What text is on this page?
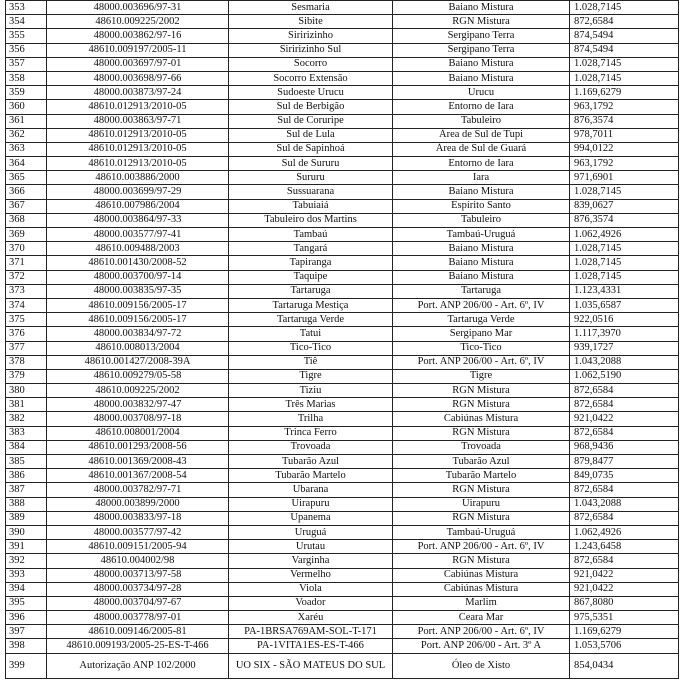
353	48000.003696/97-31	Sesmaria	Baiano Mistura	1.028,7145
354	48610.009225/2002	Sibite	RGN Mistura	872,6584
355	48000.003862/97-16	Siririzinho	Sergipano Terra	874,5494
356	48610.009197/2005-11	Siririzinho Sul	Sergipano Terra	874,5494
357	48000.003697/97-01	Socorro	Baiano Mistura	1.028,7145
358	48000.003698/97-66	Socorro Extensão	Baiano Mistura	1.028,7145
359	48000.003873/97-24	Sudoeste Urucu	Urucu	1.169,6279
360	48610.012913/2010-05	Sul de Berbigão	Entorno de Iara	963,1792
361	48000.003863/97-71	Sul de Coruripe	Tabuleiro	876,3574
362	48610.012913/2010-05	Sul de Lula	Área de Sul de Tupi	978,7011
363	48610.012913/2010-05	Sul de Sapinhoá	Área de Sul de Guará	994,0122
364	48610.012913/2010-05	Sul de Sururu	Entorno de Iara	963,1792
365	48610.003886/2000	Sururu	Iara	971,6901
366	48000.003699/97-29	Sussuarana	Baiano Mistura	1.028,7145
367	48610.007986/2004	Tabuiaiá	Espírito Santo	839,0627
368	48000.003864/97-33	Tabuleiro dos Martins	Tabuleiro	876,3574
369	48000.003577/97-41	Tambaú	Tambaú-Uruguá	1.062,4926
370	48610.009488/2003	Tangará	Baiano Mistura	1.028,7145
371	48610.001430/2008-52	Tapiranga	Baiano Mistura	1.028,7145
372	48000.003700/97-14	Taquipe	Baiano Mistura	1.028,7145
373	48000.003835/97-35	Tartaruga	Tartaruga	1.123,4331
374	48610.009156/2005-17	Tartaruga Mestiça	Port. ANP 206/00 - Art. 6º, IV	1.035,6587
375	48610.009156/2005-17	Tartaruga Verde	Tartaruga Verde	922,0516
376	48000.003834/97-72	Tatui	Sergipano Mar	1.117,3970
377	48610.008013/2004	Tico-Tico	Tico-Tico	939,1727
378	48610.001427/2008-39A	Tiê	Port. ANP 206/00 - Art. 6º, IV	1.043,2088
379	48610.009279/05-58	Tigre	Tigre	1.062,5190
380	48610.009225/2002	Tiziu	RGN Mistura	872,6584
381	48000.003832/97-47	Três Marias	RGN Mistura	872,6584
382	48000.003708/97-18	Trilha	Cabiúnas Mistura	921,0422
383	48610.008001/2004	Trinca Ferro	RGN Mistura	872,6584
384	48610.001293/2008-56	Trovoada	Trovoada	968,9436
385	48610.001369/2008-43	Tubarão Azul	Tubarão Azul	879,8477
386	48610.001367/2008-54	Tubarão Martelo	Tubarão Martelo	849,0735
387	48000.003782/97-71	Ubarana	RGN Mistura	872,6584
388	48000.003899/2000	Uirapuru	Uirapuru	1.043,2088
389	48000.003833/97-18	Upanema	RGN Mistura	872,6584
390	48000.003577/97-42	Uruguá	Tambaú-Uruguá	1.062,4926
391	48610.009151/2005-94	Urutau	Port. ANP 206/00 - Art. 6º, IV	1.243,6458
392	48610.004002/98	Varginha	RGN Mistura	872,6584
393	48000.003713/97-58	Vermelho	Cabiúnas Mistura	921,0422
394	48000.003734/97-28	Viola	Cabiúnas Mistura	921,0422
395	48000.003704/97-67	Voador	Marlim	867,8080
396	48000.003778/97-01	Xaréu	Ceara Mar	975,5351
397	48610.009146/2005-81	PA-1BRSA769AM-SOL-T-171	Port. ANP 206/00 - Art. 6º, IV	1.169,6279
398	48610.009193/2005-25-ES-T-466	PA-1VITA1ES-ES-T-466	Port. ANP 206/00 - Art. 3º A	1.053,5706
399	Autorização ANP 102/2000	UO SIX - SÃO MATEUS DO SUL	Óleo de Xisto	854,0434
